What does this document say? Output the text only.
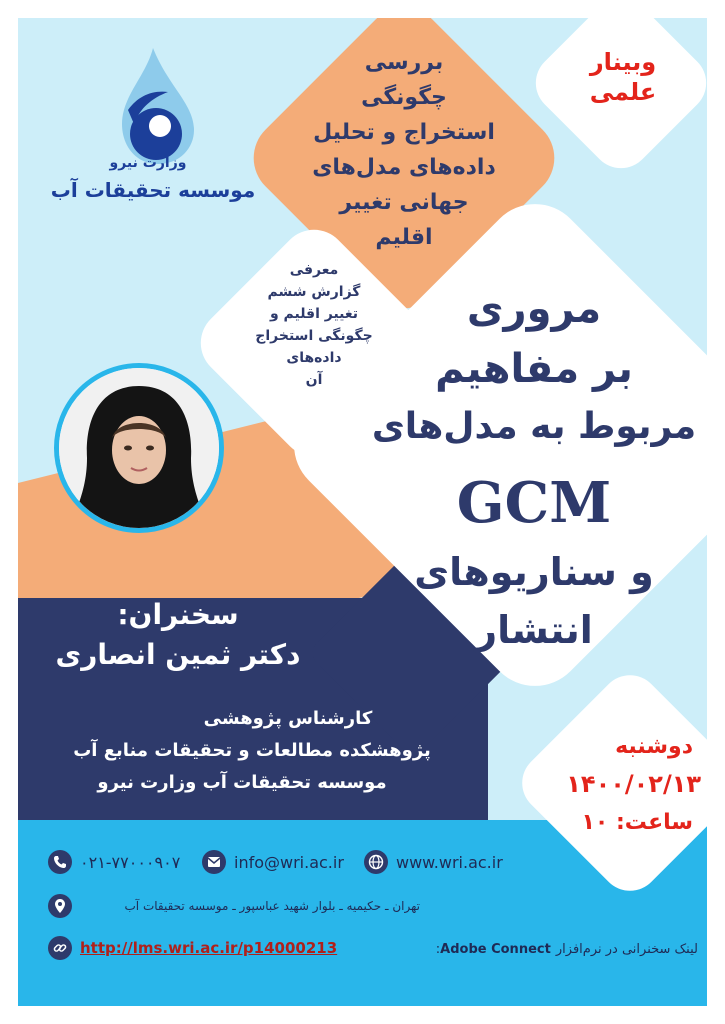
وزارت نیرو
موسسه تحقیقات آب
وبینار
علمی
بررسی
چگونگی
استخراج و تحلیل
داده‌های مدل‌های
جهانی تغییر
اقلیم
معرفی
گزارش ششم
تغییر اقلیم و
چگونگی استخراج
داده‌های
آن
مروری
بر مفاهیم
مربوط به مدل‌های
GCM
و سناریوهای
انتشار
سخنران:
دکتر ثمین انصاری
کارشناس پژوهشی
پژوهشکده مطالعات و تحقیقات منابع آب
موسسه تحقیقات آب وزارت نیرو
دوشنبه
۱۴۰۰/۰۲/۱۳
ساعت: ۱۰
۰۲۱-۷۷۰۰۰۹۰۷	info@wri.ac.ir	www.wri.ac.ir
تهران ـ حکیمیه ـ بلوار شهید عباسپور ـ موسسه تحقیقات آب
http://lms.wri.ac.ir/p14000213	لینک سخنرانی در نرم‌افزار Adobe Connect:
